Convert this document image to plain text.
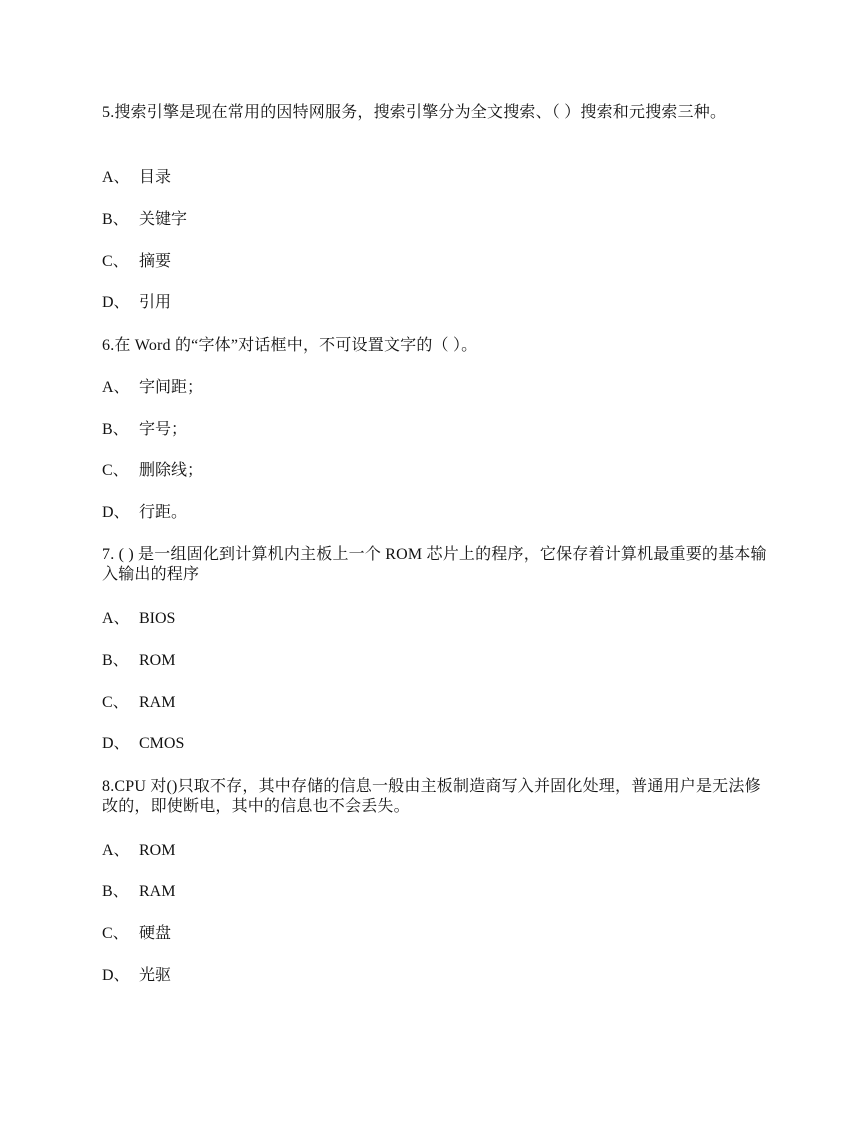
5.搜索引擎是现在常用的因特网服务，搜索引擎分为全文搜索、（ ）搜索和元搜索三种。
A、 目录
B、 关键字
C、 摘要
D、 引用
6.在 Word 的“字体”对话框中，不可设置文字的（ ）。
A、 字间距；
B、 字号；
C、 删除线；
D、 行距。
7. ( ) 是一组固化到计算机内主板上一个 ROM 芯片上的程序，它保存着计算机最重要的基本输入输出的程序
A、 BIOS
B、 ROM
C、 RAM
D、 CMOS
8.CPU 对()只取不存，其中存储的信息一般由主板制造商写入并固化处理，普通用户是无法修改的，即使断电，其中的信息也不会丢失。
A、 ROM
B、 RAM
C、 硬盘
D、 光驱
